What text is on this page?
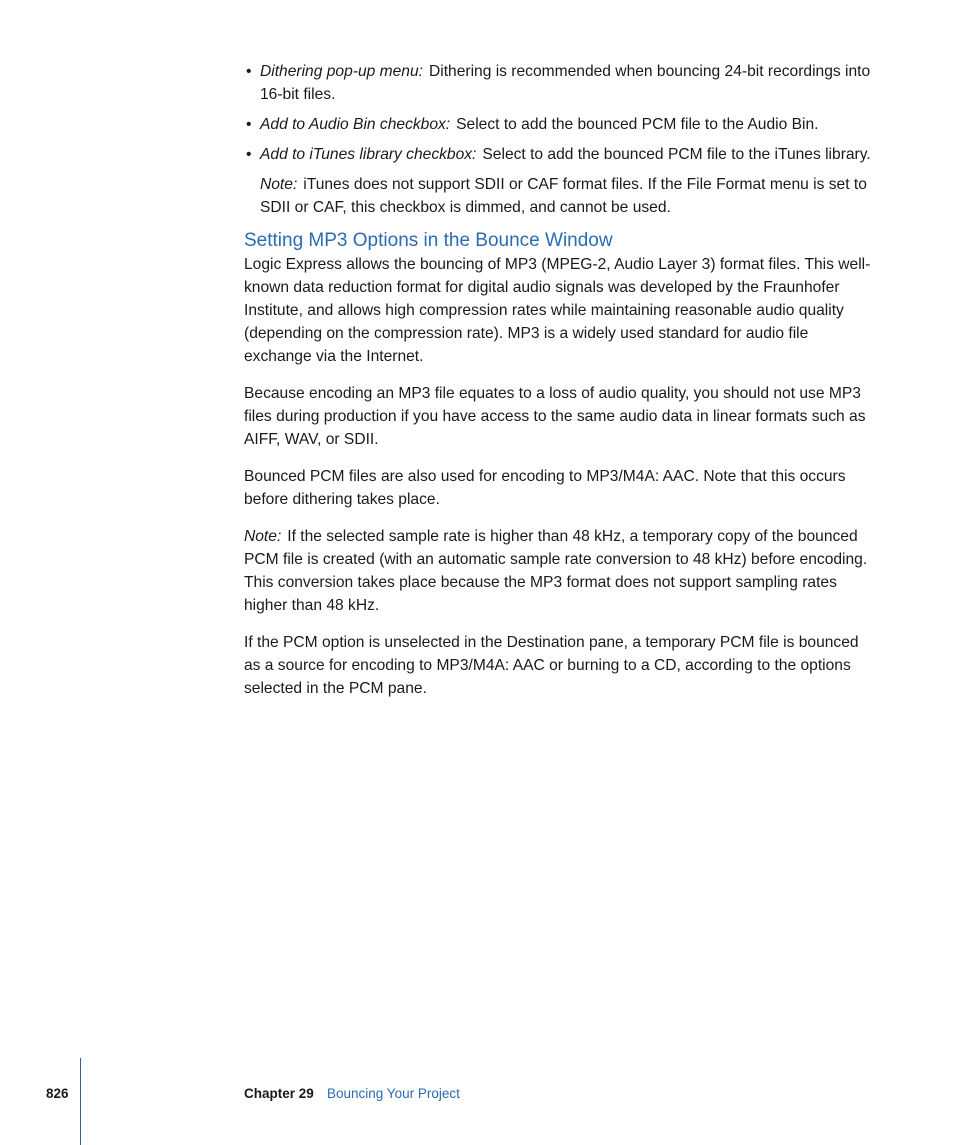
• Dithering pop-up menu: Dithering is recommended when bouncing 24-bit recordings into 16-bit files.
• Add to Audio Bin checkbox: Select to add the bounced PCM file to the Audio Bin.
• Add to iTunes library checkbox: Select to add the bounced PCM file to the iTunes library.
Note: iTunes does not support SDII or CAF format files. If the File Format menu is set to SDII or CAF, this checkbox is dimmed, and cannot be used.
Setting MP3 Options in the Bounce Window

Logic Express allows the bouncing of MP3 (MPEG-2, Audio Layer 3) format files. This well-known data reduction format for digital audio signals was developed by the Fraunhofer Institute, and allows high compression rates while maintaining reasonable audio quality (depending on the compression rate). MP3 is a widely used standard for audio file exchange via the Internet.

Because encoding an MP3 file equates to a loss of audio quality, you should not use MP3 files during production if you have access to the same audio data in linear formats such as AIFF, WAV, or SDII.

Bounced PCM files are also used for encoding to MP3/M4A: AAC. Note that this occurs before dithering takes place.

Note: If the selected sample rate is higher than 48 kHz, a temporary copy of the bounced PCM file is created (with an automatic sample rate conversion to 48 kHz) before encoding. This conversion takes place because the MP3 format does not support sampling rates higher than 48 kHz.

If the PCM option is unselected in the Destination pane, a temporary PCM file is bounced as a source for encoding to MP3/M4A: AAC or burning to a CD, according to the options selected in the PCM pane.

826	Chapter 29 Bouncing Your Project
